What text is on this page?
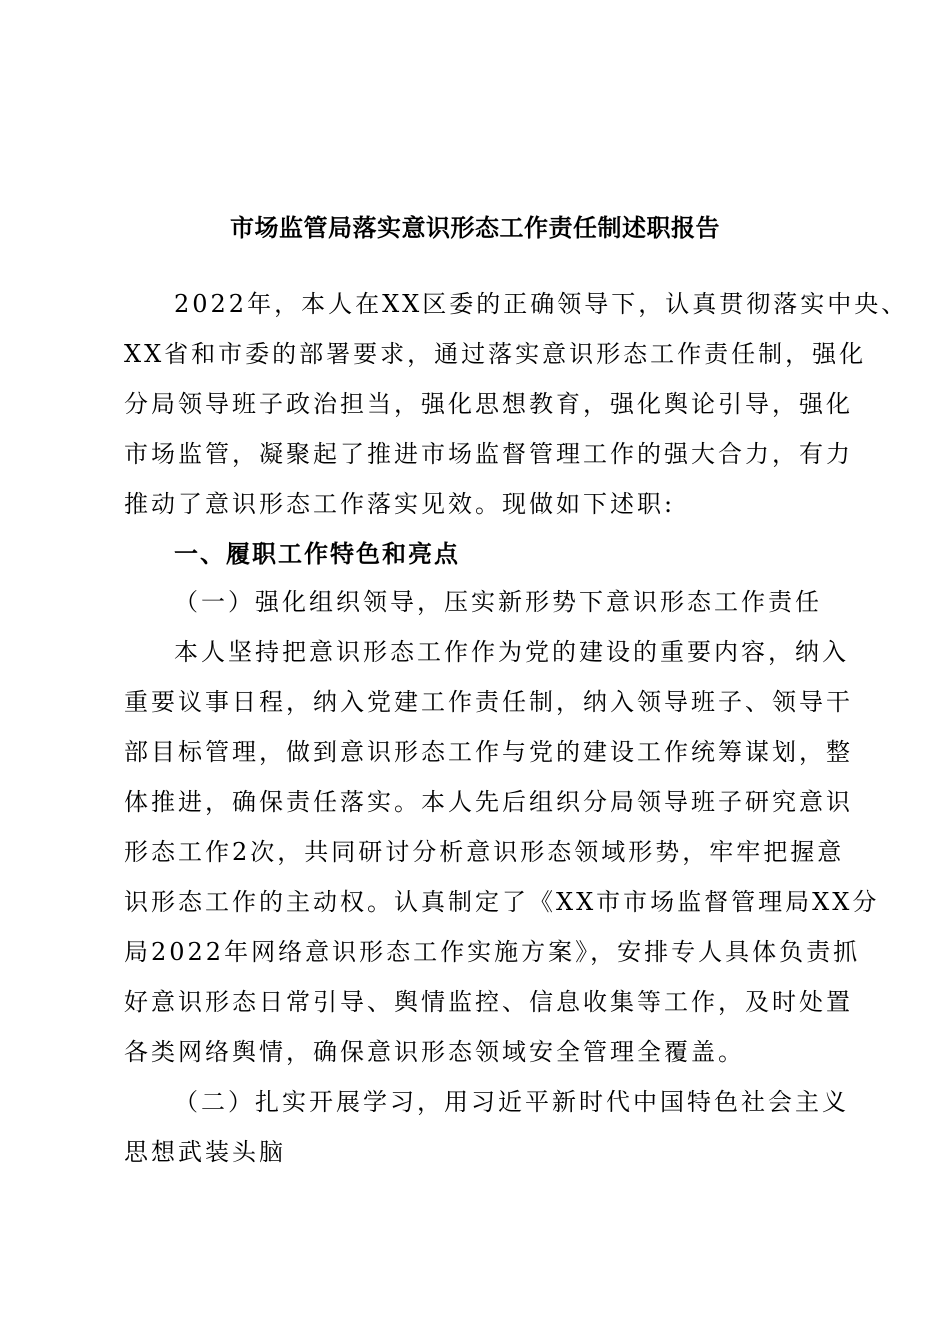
市场监管局落实意识形态工作责任制述职报告
2022年，本人在XX区委的正确领导下，认真贯彻落实中央、
XX省和市委的部署要求，通过落实意识形态工作责任制，强化
分局领导班子政治担当，强化思想教育，强化舆论引导，强化
市场监管，凝聚起了推进市场监督管理工作的强大合力，有力
推动了意识形态工作落实见效。现做如下述职:
一、履职工作特色和亮点
（一）强化组织领导，压实新形势下意识形态工作责任
本人坚持把意识形态工作作为党的建设的重要内容，纳入
重要议事日程，纳入党建工作责任制，纳入领导班子、领导干
部目标管理，做到意识形态工作与党的建设工作统筹谋划，整
体推进，确保责任落实。本人先后组织分局领导班子研究意识
形态工作2次，共同研讨分析意识形态领域形势，牢牢把握意
识形态工作的主动权。认真制定了《XX市市场监督管理局XX分
局2022年网络意识形态工作实施方案》，安排专人具体负责抓
好意识形态日常引导、舆情监控、信息收集等工作，及时处置
各类网络舆情，确保意识形态领域安全管理全覆盖。
（二）扎实开展学习，用习近平新时代中国特色社会主义
思想武装头脑
